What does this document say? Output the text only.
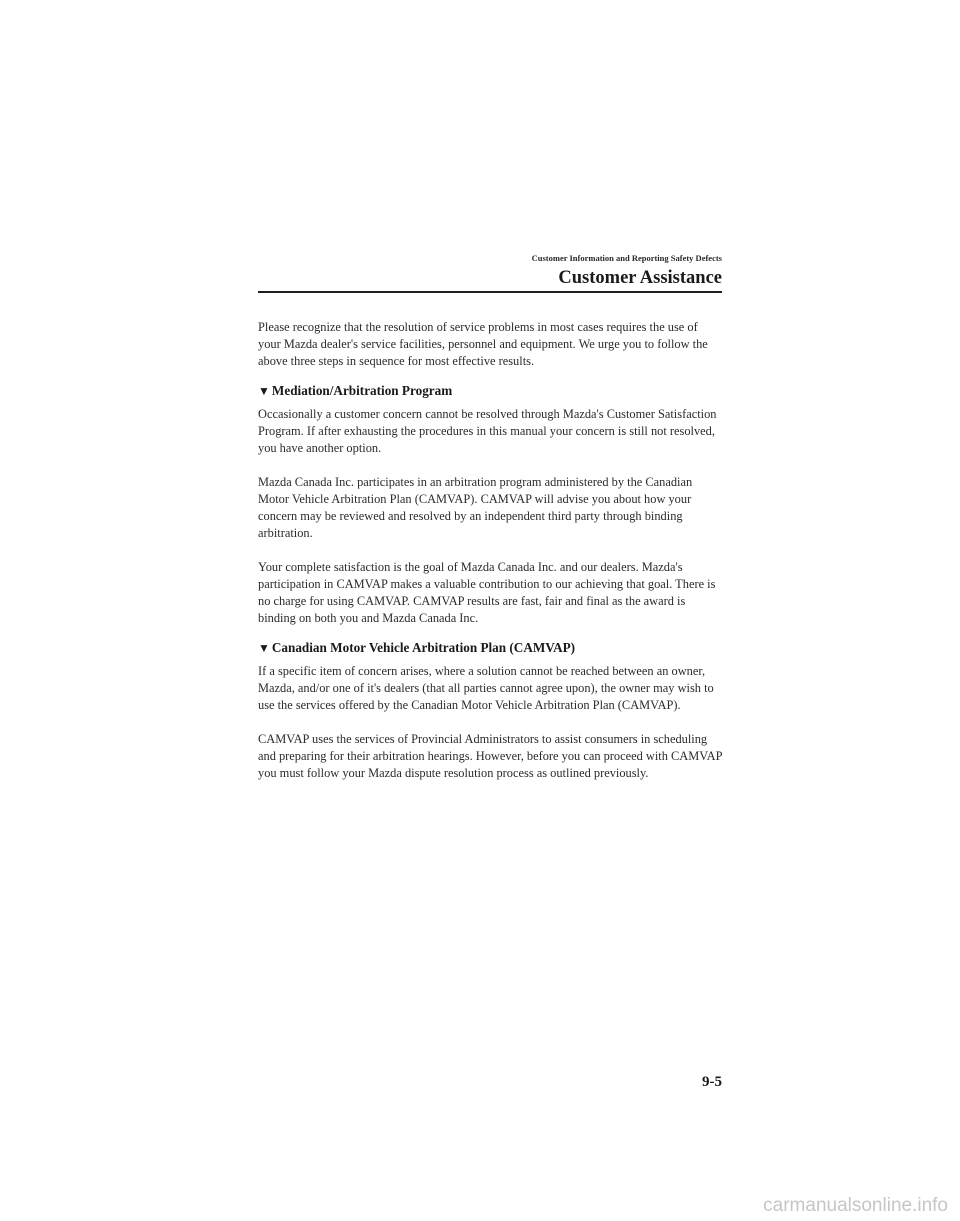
Customer Information and Reporting Safety Defects
Customer Assistance

Please recognize that the resolution of service problems in most cases requires the use of your Mazda dealer's service facilities, personnel and equipment. We urge you to follow the above three steps in sequence for most effective results.

▼ Mediation/Arbitration Program

Occasionally a customer concern cannot be resolved through Mazda's Customer Satisfaction Program. If after exhausting the procedures in this manual your concern is still not resolved, you have another option.

Mazda Canada Inc. participates in an arbitration program administered by the Canadian Motor Vehicle Arbitration Plan (CAMVAP). CAMVAP will advise you about how your concern may be reviewed and resolved by an independent third party through binding arbitration.

Your complete satisfaction is the goal of Mazda Canada Inc. and our dealers. Mazda's participation in CAMVAP makes a valuable contribution to our achieving that goal. There is no charge for using CAMVAP. CAMVAP results are fast, fair and final as the award is binding on both you and Mazda Canada Inc.

▼ Canadian Motor Vehicle Arbitration Plan (CAMVAP)

If a specific item of concern arises, where a solution cannot be reached between an owner, Mazda, and/or one of it's dealers (that all parties cannot agree upon), the owner may wish to use the services offered by the Canadian Motor Vehicle Arbitration Plan (CAMVAP).

CAMVAP uses the services of Provincial Administrators to assist consumers in scheduling and preparing for their arbitration hearings. However, before you can proceed with CAMVAP you must follow your Mazda dispute resolution process as outlined previously.

9-5
carmanualsonline.info
